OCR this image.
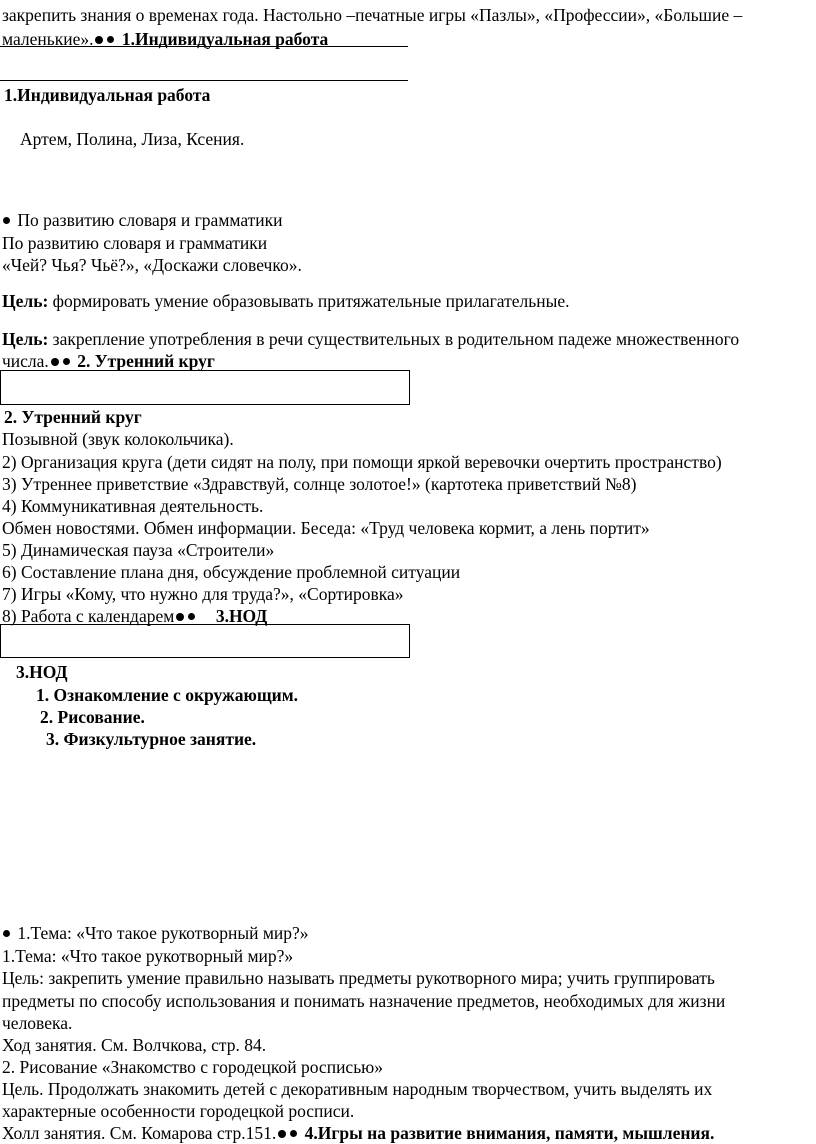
закрепить знания о временах года. Настольно –печатные игры «Пазлы», «Профессии», «Большие –
маленькие». 1.Индивидуальная работа
1.Индивидуальная работа
Артем, Полина, Лиза, Ксения.
По развитию словаря и грамматики
По развитию словаря и грамматики
«Чей? Чья? Чьё?», «Доскажи словечко».
Цель: формировать умение образовывать притяжательные прилагательные.
Цель: закрепление употребления в речи существительных в родительном падеже множественного
числа. 2. Утренний круг
2. Утренний круг
Позывной (звук колокольчика).
2) Организация круга (дети сидят на полу, при помощи яркой веревочки очертить пространство)
3) Утреннее приветствие «Здравствуй, солнце золотое!» (картотека приветствий №8)
4) Коммуникативная деятельность.
Обмен новостями. Обмен информации. Беседа: «Труд человека кормит, а лень портит»
5) Динамическая пауза «Строители»
6) Составление плана дня, обсуждение проблемной ситуации
7) Игры «Кому, что нужно для труда?», «Сортировка»
8) Работа с календарем 3.НОД
3.НОД
1. Ознакомление с окружающим.
2. Рисование.
3. Физкультурное занятие.
1.Тема: «Что такое рукотворный мир?»
1.Тема: «Что такое рукотворный мир?»
Цель: закрепить умение правильно называть предметы рукотворного мира; учить группировать
предметы по способу использования и понимать назначение предметов, необходимых для жизни
человека.
Ход занятия. См. Волчкова, стр. 84.
2. Рисование «Знакомство с городецкой росписью»
Цель. Продолжать знакомить детей с декоративным народным творчеством, учить выделять их
характерные особенности городецкой росписи.
Холл занятия. См. Комарова стр.151. 4.Игры на развитие внимания, памяти, мышления.
